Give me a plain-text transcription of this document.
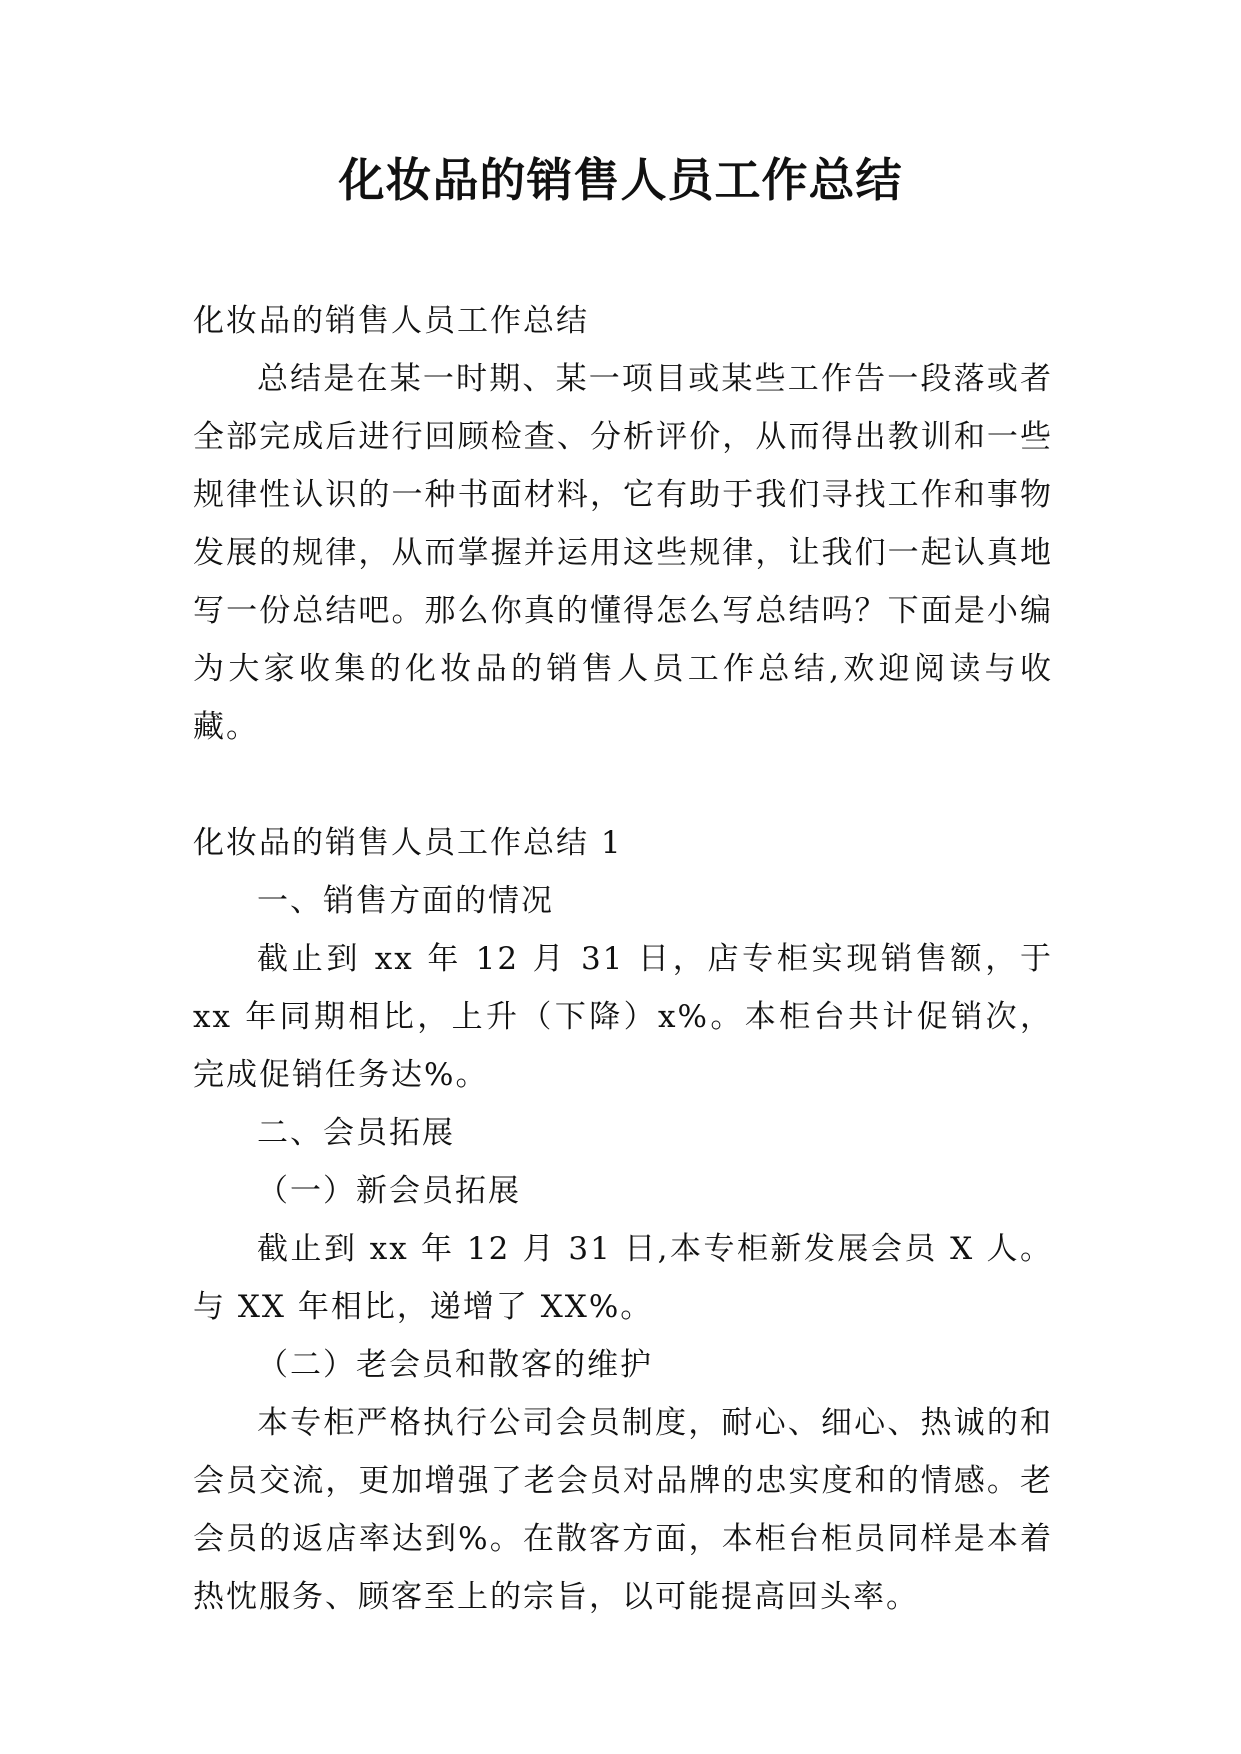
化妆品的销售人员工作总结

化妆品的销售人员工作总结

总结是在某一时期、某一项目或某些工作告一段落或者全部完成后进行回顾检查、分析评价，从而得出教训和一些规律性认识的一种书面材料，它有助于我们寻找工作和事物发展的规律，从而掌握并运用这些规律，让我们一起认真地写一份总结吧。那么你真的懂得怎么写总结吗？下面是小编为大家收集的化妆品的销售人员工作总结,欢迎阅读与收藏。

化妆品的销售人员工作总结 1

一、销售方面的情况

截止到 xx 年 12 月 31 日，店专柜实现销售额，于 xx 年同期相比，上升（下降）x%。本柜台共计促销次，完成促销任务达%。

二、会员拓展

（一）新会员拓展

截止到 xx 年 12 月 31 日,本专柜新发展会员 X 人。与 XX 年相比，递增了 XX%。

（二）老会员和散客的维护

本专柜严格执行公司会员制度，耐心、细心、热诚的和会员交流，更加增强了老会员对品牌的忠实度和的情感。老会员的返店率达到%。在散客方面，本柜台柜员同样是本着热忱服务、顾客至上的宗旨，以可能提高回头率。
